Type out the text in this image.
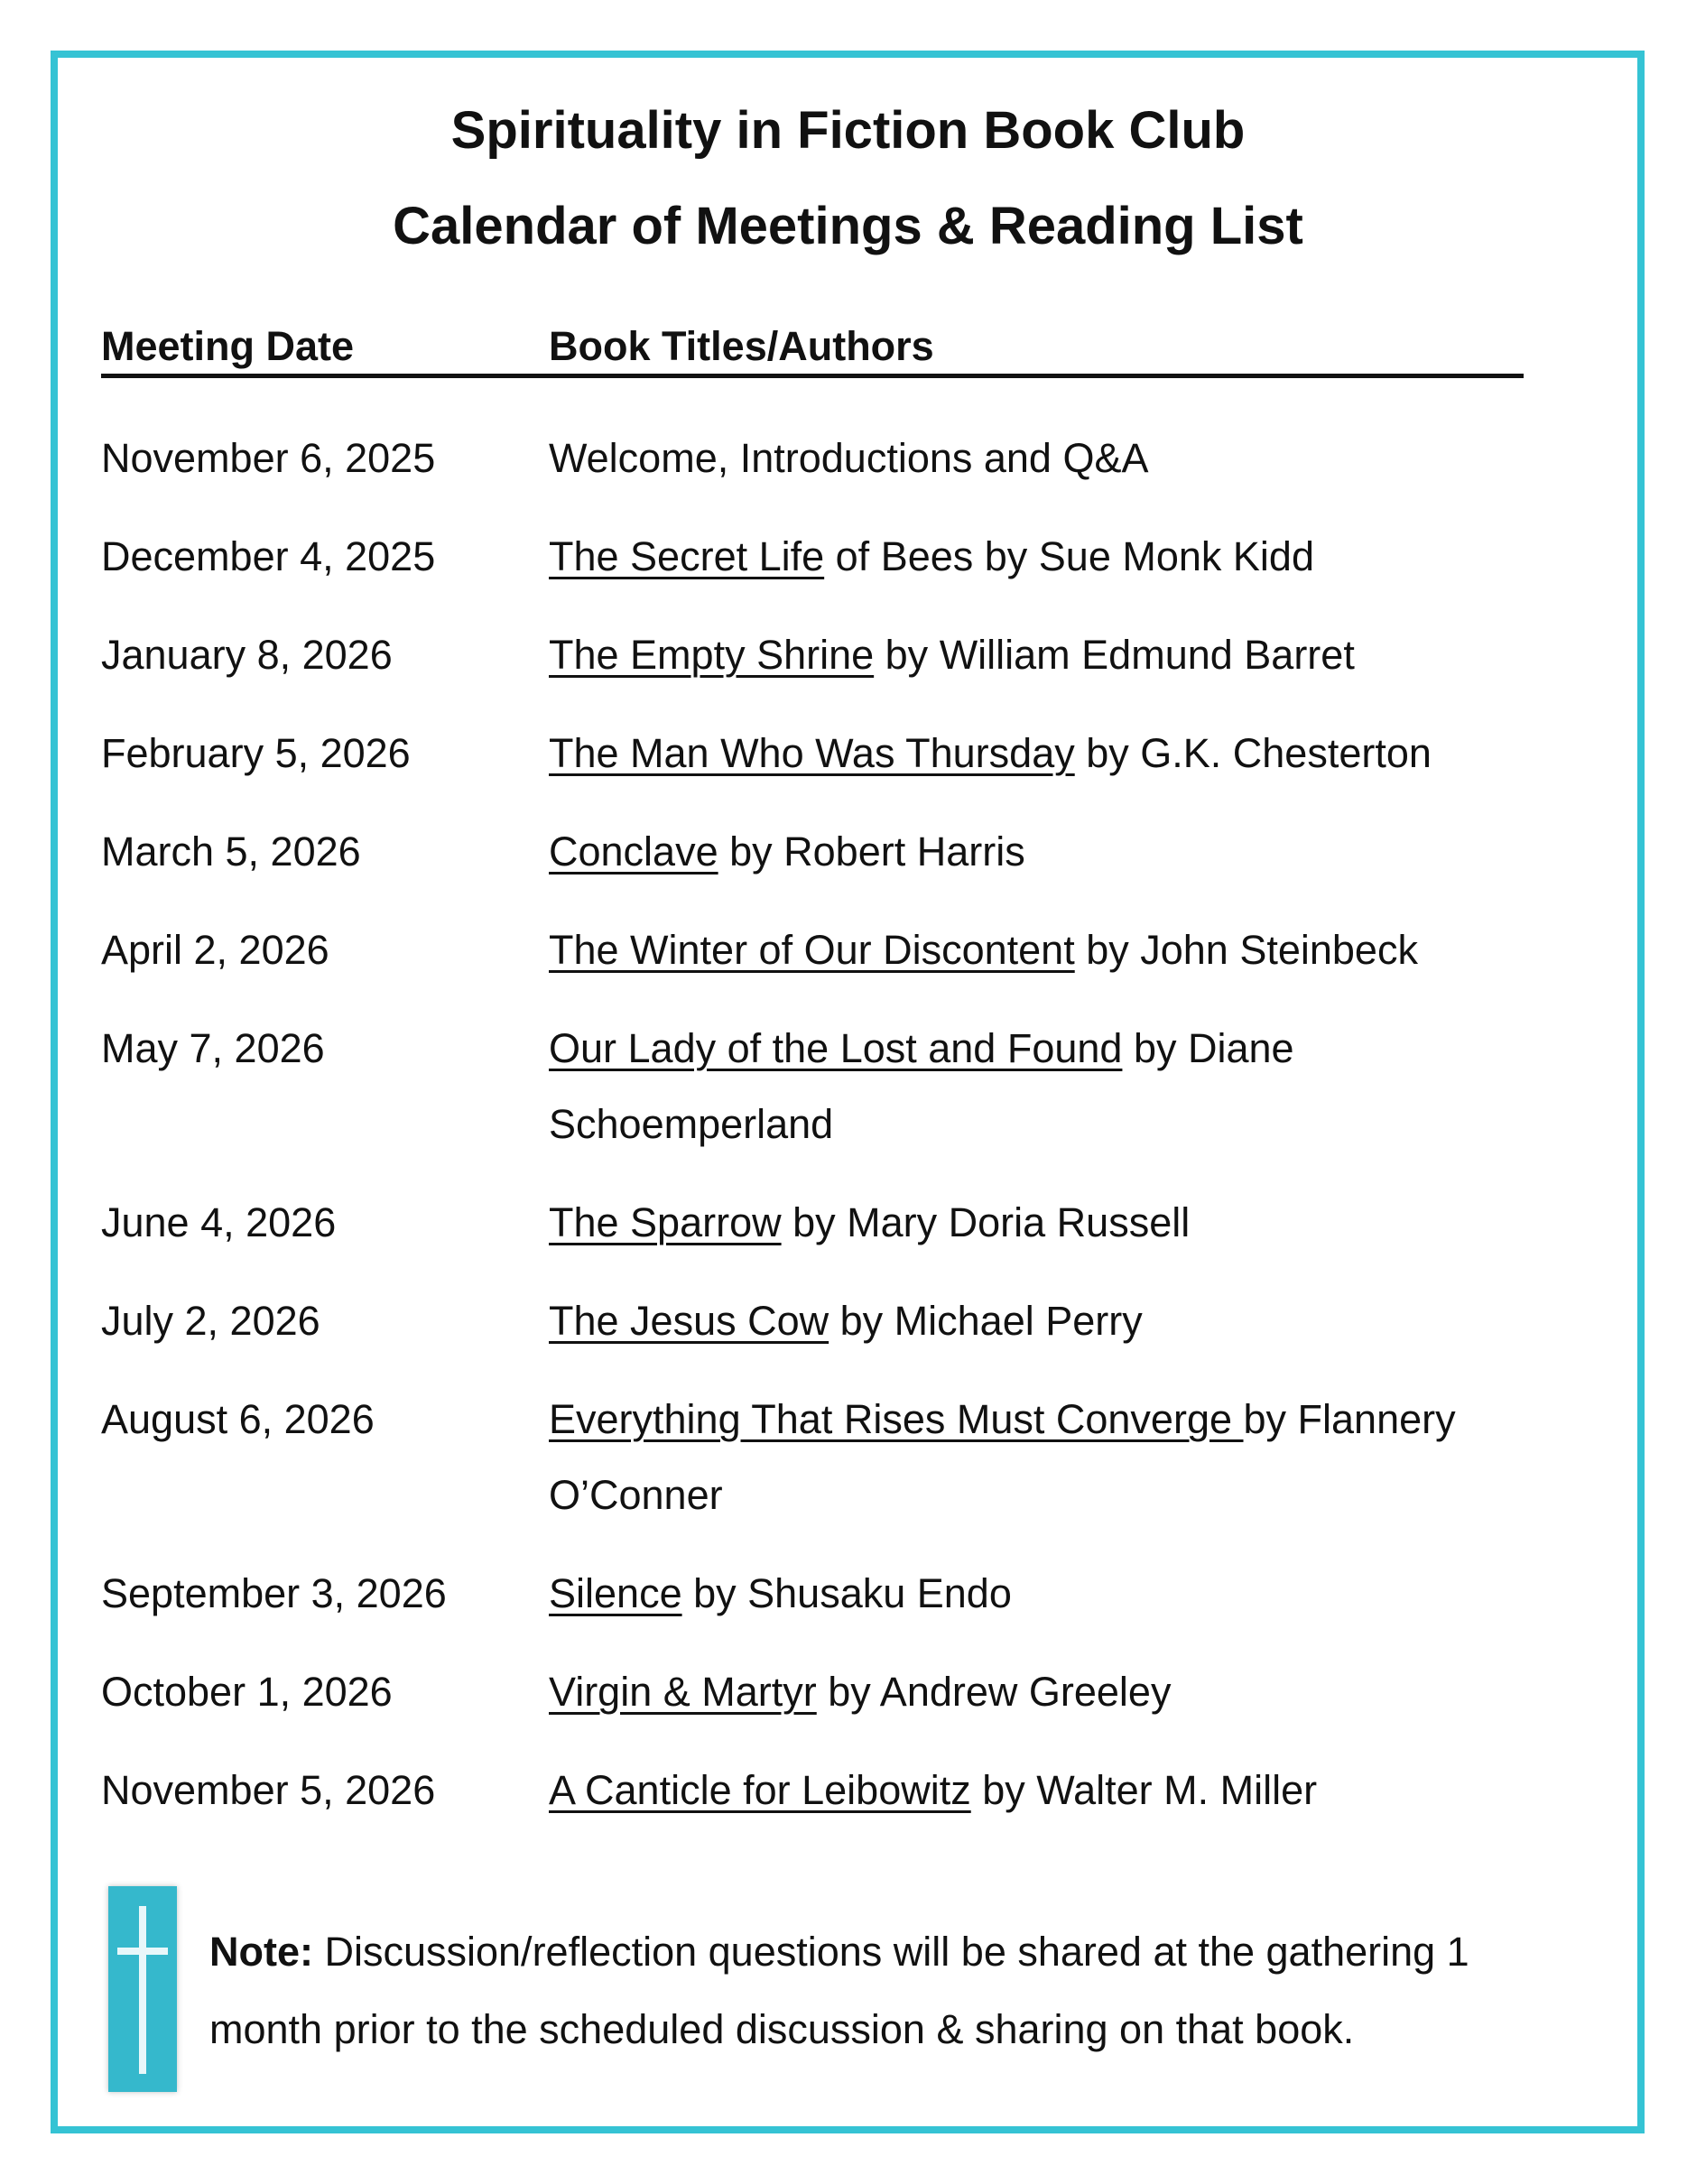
Spirituality in Fiction Book Club
Calendar of Meetings & Reading List
Meeting Date	Book Titles/Authors
November 6, 2025	Welcome, Introductions and Q&A
December 4, 2025	The Secret Life of Bees by Sue Monk Kidd
January 8, 2026	The Empty Shrine by William Edmund Barret
February 5, 2026	The Man Who Was Thursday by G.K. Chesterton
March 5, 2026	Conclave by Robert Harris
April 2, 2026	The Winter of Our Discontent by John Steinbeck
May 7, 2026	Our Lady of the Lost and Found by Diane Schoemperland
June 4, 2026	The Sparrow by Mary Doria Russell
July 2, 2026	The Jesus Cow by Michael Perry
August 6, 2026	Everything That Rises Must Converge by Flannery O’Conner
September 3, 2026	Silence by Shusaku Endo
October 1, 2026	Virgin & Martyr by Andrew Greeley
November 5, 2026	A Canticle for Leibowitz by Walter M. Miller
Note: Discussion/reflection questions will be shared at the gathering 1 month prior to the scheduled discussion & sharing on that book.
